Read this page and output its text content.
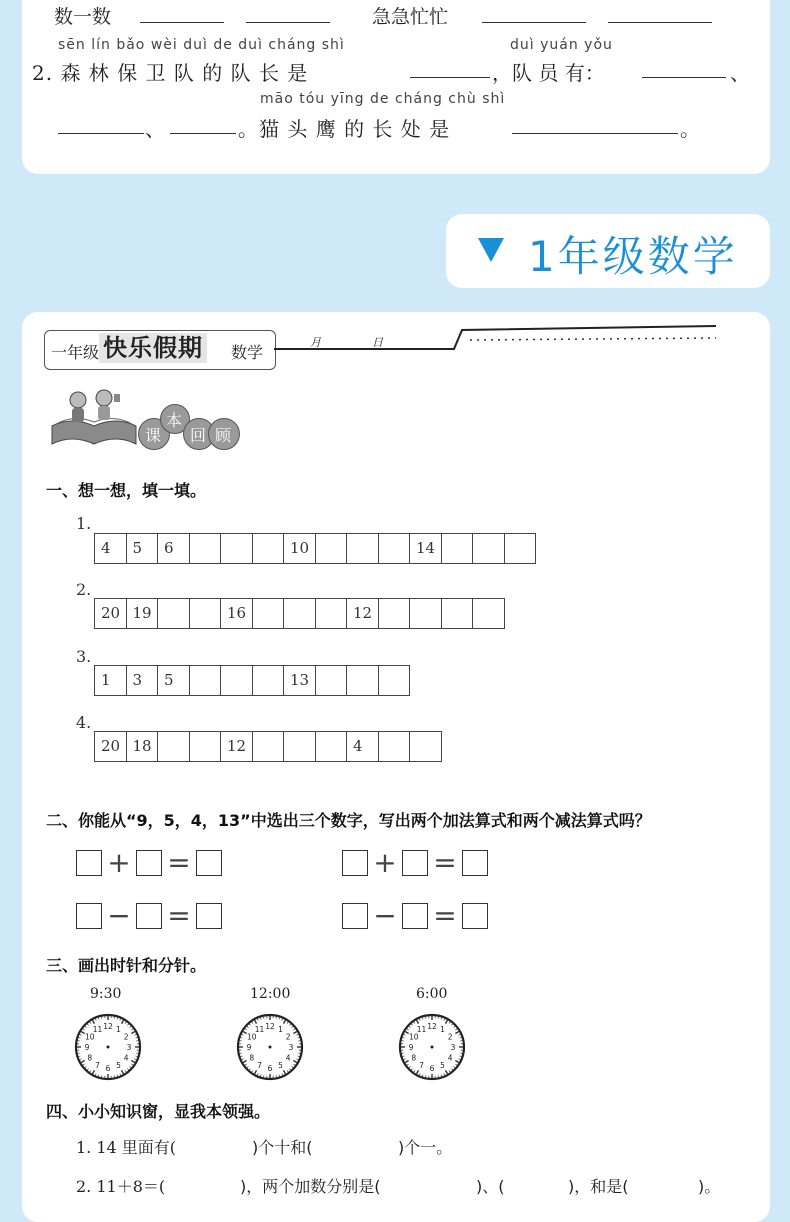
数一数	急急忙忙
sēn lín bǎo wèi duì de duì cháng shì	duì yuán yǒu
2. 森 林 保 卫 队 的 队 长 是	，队 员 有：	、
māo tóu yīng de cháng chù shì
、	。猫 头 鹰 的 长 处 是	。
1年级数学
一年级 快乐假期 数学
月	日
课
本
回 顾
一、想一想，填一填。
1.
4	5	6	10	14
2.
20 19	16	12
3.
1	3	5	13
4.
20 18	12	4
二、你能从“9，5，4，13”中选出三个数字，写出两个加法算式和两个减法算式吗？
+ =	+ =
− =	− =
三、画出时针和分针。
9:30	12:00	6:00
12 1
2
3
4
5
6
7
8
9
10
11	12 1
2
3
4
5
6
7
8
9
10
11	12 1
2
3
4
5
6
7
8
9
10
11
四、小小知识窗，显我本领强。
1. 14 里面有(	)个十和(	)个一。
2. 11＋8＝(	)，两个加数分别是(	)、(	)，和是(	)。
